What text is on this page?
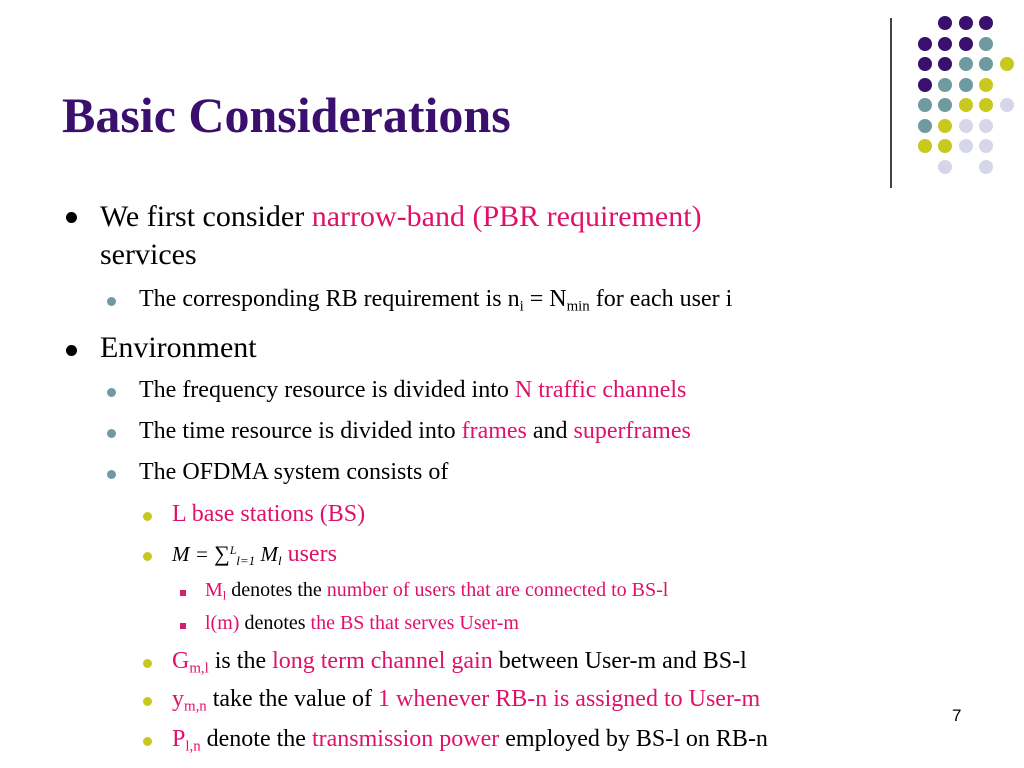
Basic Considerations
We first consider narrow-band (PBR requirement)
services
The corresponding RB requirement is $n_i = N_{min}$ for each user i
Environment
The frequency resource is divided into N traffic channels
The time resource is divided into frames and superframes
The OFDMA system consists of
L base stations (BS)
M = ∑$^L_{l=1}$ $M_l$ users
$M_l$ denotes the number of users that are connected to BS-l
l(m) denotes the BS that serves User-m
$G_{m,l}$ is the long term channel gain between User-m and BS-l
$y_{m,n}$ take the value of 1 whenever RB-n is assigned to User-m
$P_{l,n}$ denote the transmission power employed by BS-l on RB-n
7
